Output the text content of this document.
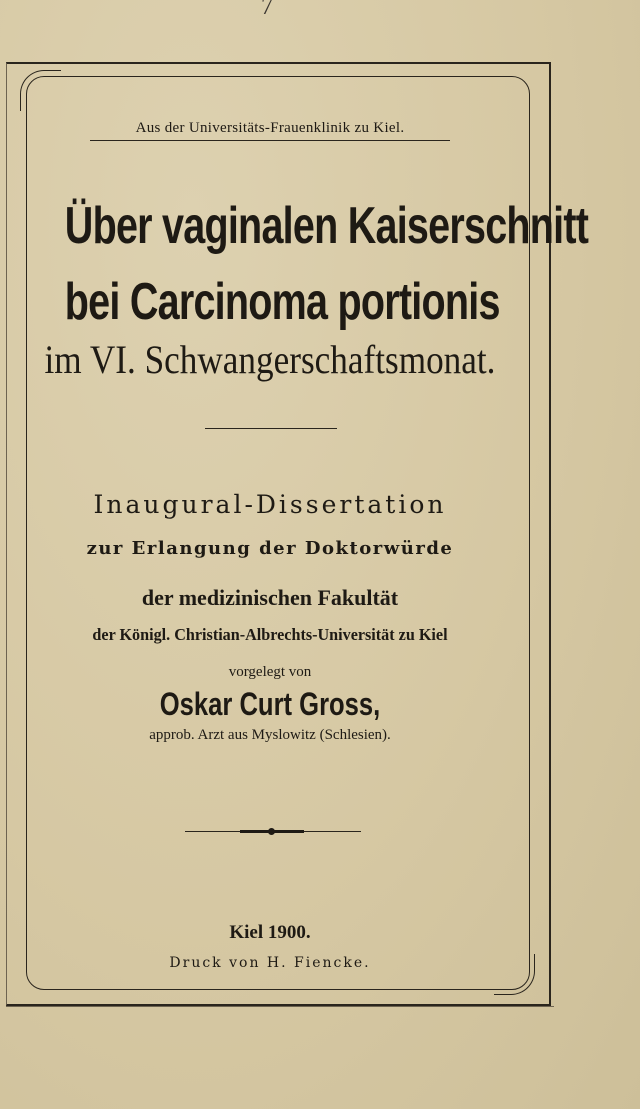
7
Aus der Universitäts-Frauenklinik zu Kiel.
Über vaginalen Kaiserschnitt
bei Carcinoma portionis
im VI. Schwangerschaftsmonat.
Inaugural-Dissertation
zur Erlangung der Doktorwürde
der medizinischen Fakultät
der Königl. Christian-Albrechts-Universität zu Kiel
vorgelegt von
Oskar Curt Gross,
approb. Arzt aus Myslowitz (Schlesien).
Kiel 1900.
Druck von H. Fiencke.
